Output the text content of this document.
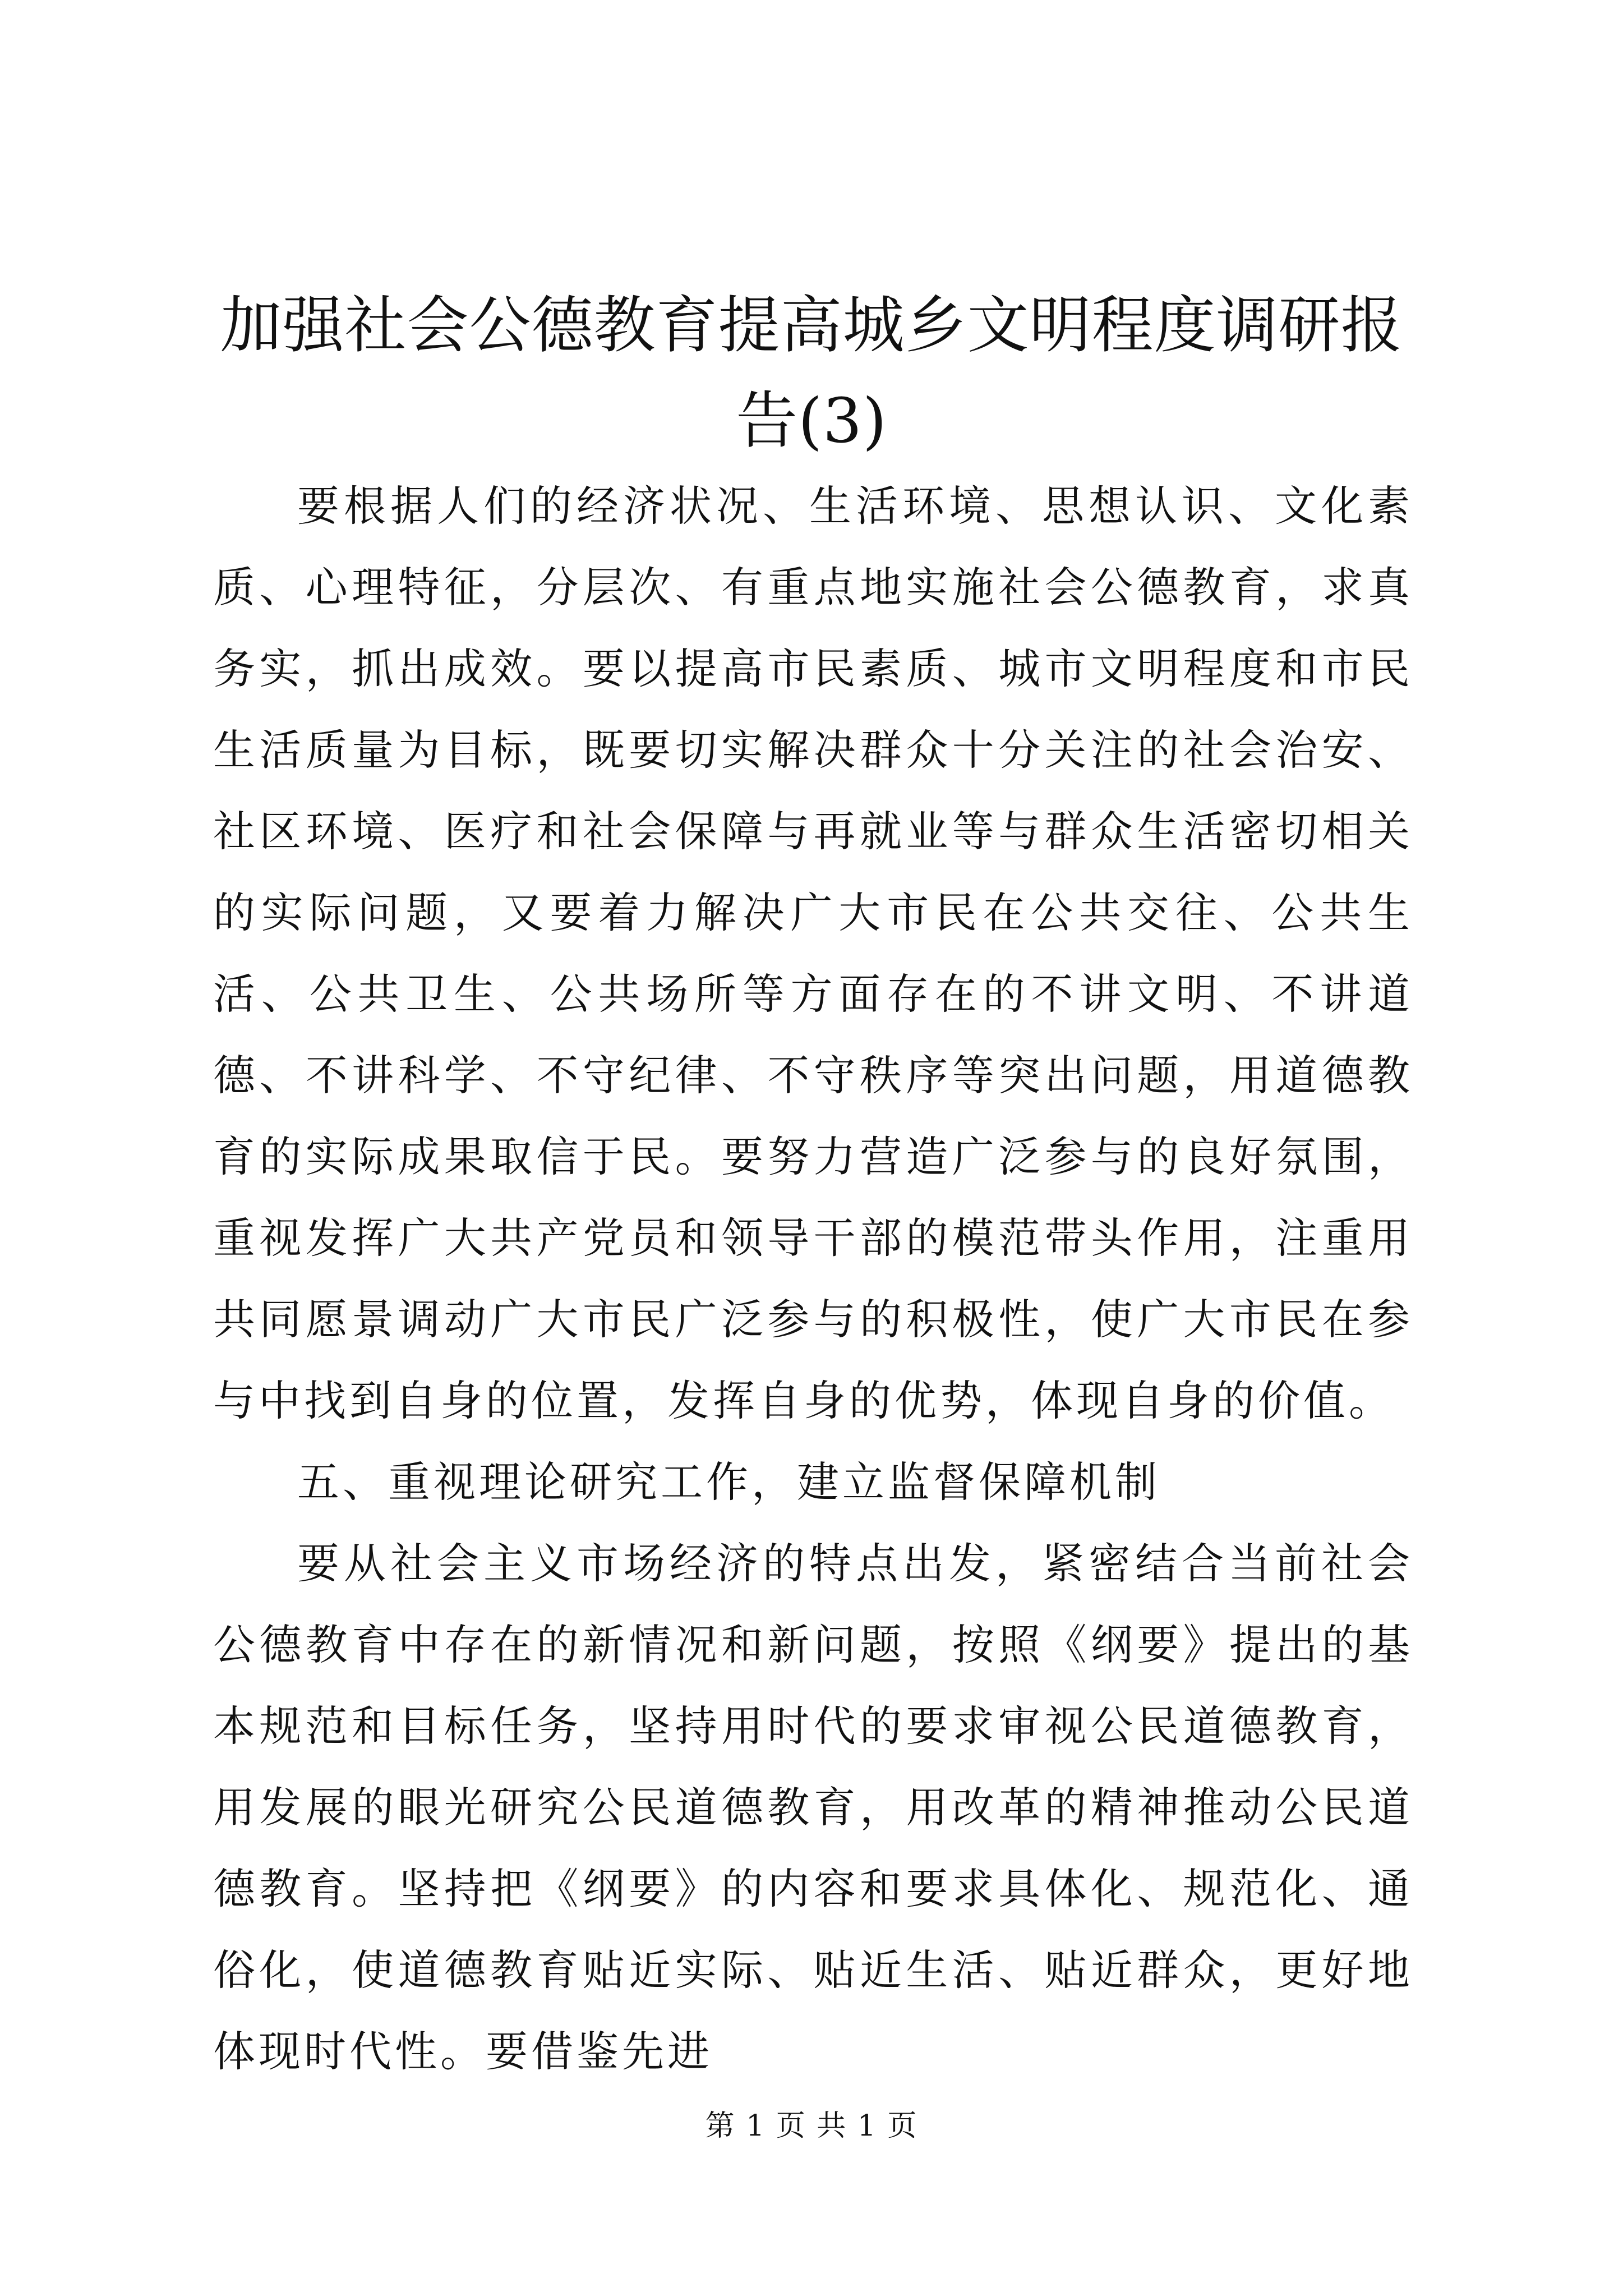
加强社会公德教育提高城乡文明程度调研报告(3)

要根据人们的经济状况、生活环境、思想认识、文化素质、心理特征，分层次、有重点地实施社会公德教育，求真务实，抓出成效。要以提高市民素质、城市文明程度和市民生活质量为目标，既要切实解决群众十分关注的社会治安、社区环境、医疗和社会保障与再就业等与群众生活密切相关的实际问题，又要着力解决广大市民在公共交往、公共生活、公共卫生、公共场所等方面存在的不讲文明、不讲道德、不讲科学、不守纪律、不守秩序等突出问题，用道德教育的实际成果取信于民。要努力营造广泛参与的良好氛围，重视发挥广大共产党员和领导干部的模范带头作用，注重用共同愿景调动广大市民广泛参与的积极性，使广大市民在参与中找到自身的位置，发挥自身的优势，体现自身的价值。

五、重视理论研究工作，建立监督保障机制

要从社会主义市场经济的特点出发，紧密结合当前社会公德教育中存在的新情况和新问题，按照《纲要》提出的基本规范和目标任务，坚持用时代的要求审视公民道德教育，用发展的眼光研究公民道德教育，用改革的精神推动公民道德教育。坚持把《纲要》的内容和要求具体化、规范化、通俗化，使道德教育贴近实际、贴近生活、贴近群众，更好地体现时代性。要借鉴先进

第 1 页 共 1 页
